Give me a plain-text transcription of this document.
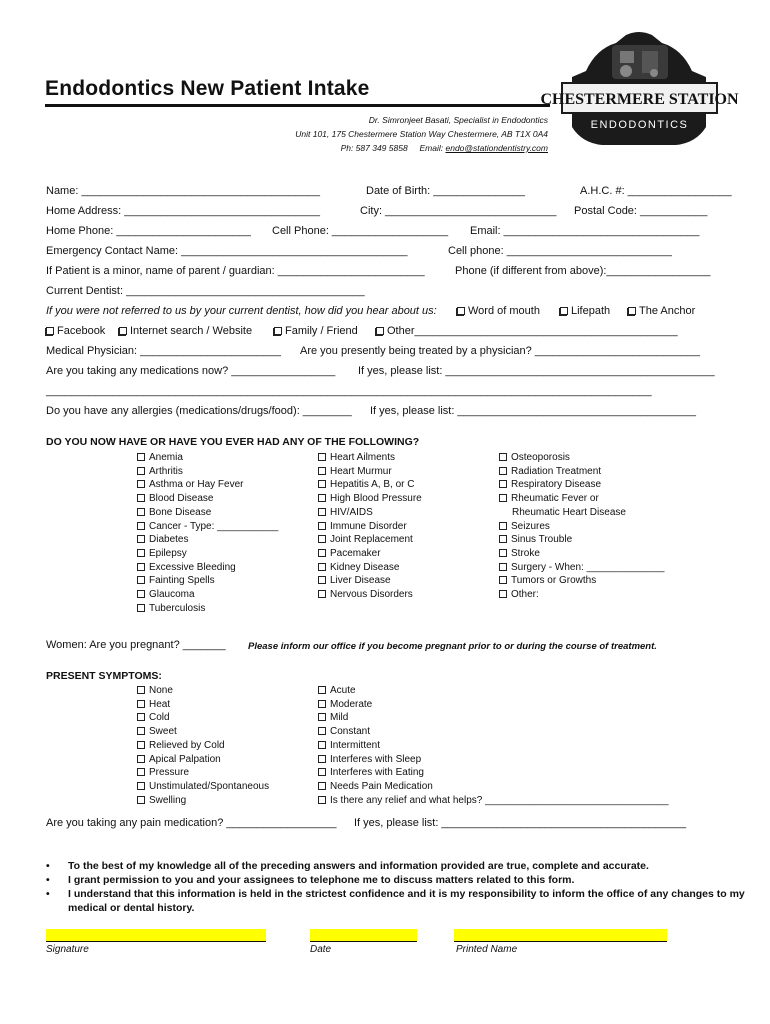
Endodontics New Patient Intake
Dr. Simronjeet Basati, Specialist in Endodontics
Unit 101, 175 Chestermere Station Way Chestermere, AB T1X 0A4
Ph: 587 349 5858 Email: endo@stationdentistry.com
CHESTERMERE STATION
ENDODONTICS
Name: _______________________________________	Date of Birth: _______________	A.H.C. #: _________________
Home Address: ________________________________	City: ____________________________ Postal Code: ___________
Home Phone: ______________________ Cell Phone: ___________________ Email: ________________________________
Emergency Contact Name: _____________________________________	Cell phone: ___________________________
If Patient is a minor, name of parent / guardian: ________________________	Phone (if different from above):_________________
Current Dentist: _______________________________________
If you were not referred to us by your current dentist, how did you hear about us:	Word of mouth	Lifepath	The Anchor
Facebook	Internet search / Website	Family / Friend	Other___________________________________________
Medical Physician: _______________________ Are you presently being treated by a physician? ___________________________
Are you taking any medications now? _________________ If yes, please list: ____________________________________________
___________________________________________________________________________________________________
Do you have any allergies (medications/drugs/food): ________ If yes, please list: _______________________________________
DO YOU NOW HAVE OR HAVE YOU EVER HAD ANY OF THE FOLLOWING?
Anemia
Arthritis
Asthma or Hay Fever
Blood Disease
Bone Disease
Cancer - Type: ___________
Diabetes
Epilepsy
Excessive Bleeding
Fainting Spells
Glaucoma
Tuberculosis
Heart Ailments
Heart Murmur
Hepatitis A, B, or C
High Blood Pressure
HIV/AIDS
Immune Disorder
Joint Replacement
Pacemaker
Kidney Disease
Liver Disease
Nervous Disorders
Osteoporosis
Radiation Treatment
Respiratory Disease
Rheumatic Fever or
Rheumatic Heart Disease
Seizures
Sinus Trouble
Stroke
Surgery - When: ______________
Tumors or Growths
Other:
Women: Are you pregnant? _______ Please inform our office if you become pregnant prior to or during the course of treatment.
PRESENT SYMPTOMS:
None
Heat
Cold
Sweet
Relieved by Cold
Apical Palpation
Pressure
Unstimulated/Spontaneous
Swelling
Acute
Moderate
Mild
Constant
Intermittent
Interferes with Sleep
Interferes with Eating
Needs Pain Medication
Is there any relief and what helps? _________________________________
Are you taking any pain medication? __________________ If yes, please list: ________________________________________
• To the best of my knowledge all of the preceding answers and information provided are true, complete and accurate.
• I grant permission to you and your assignees to telephone me to discuss matters related to this form.
• I understand that this information is held in the strictest confidence and it is my responsibility to inform the office of any changes to my medical or dental history.
Signature	Date	Printed Name
